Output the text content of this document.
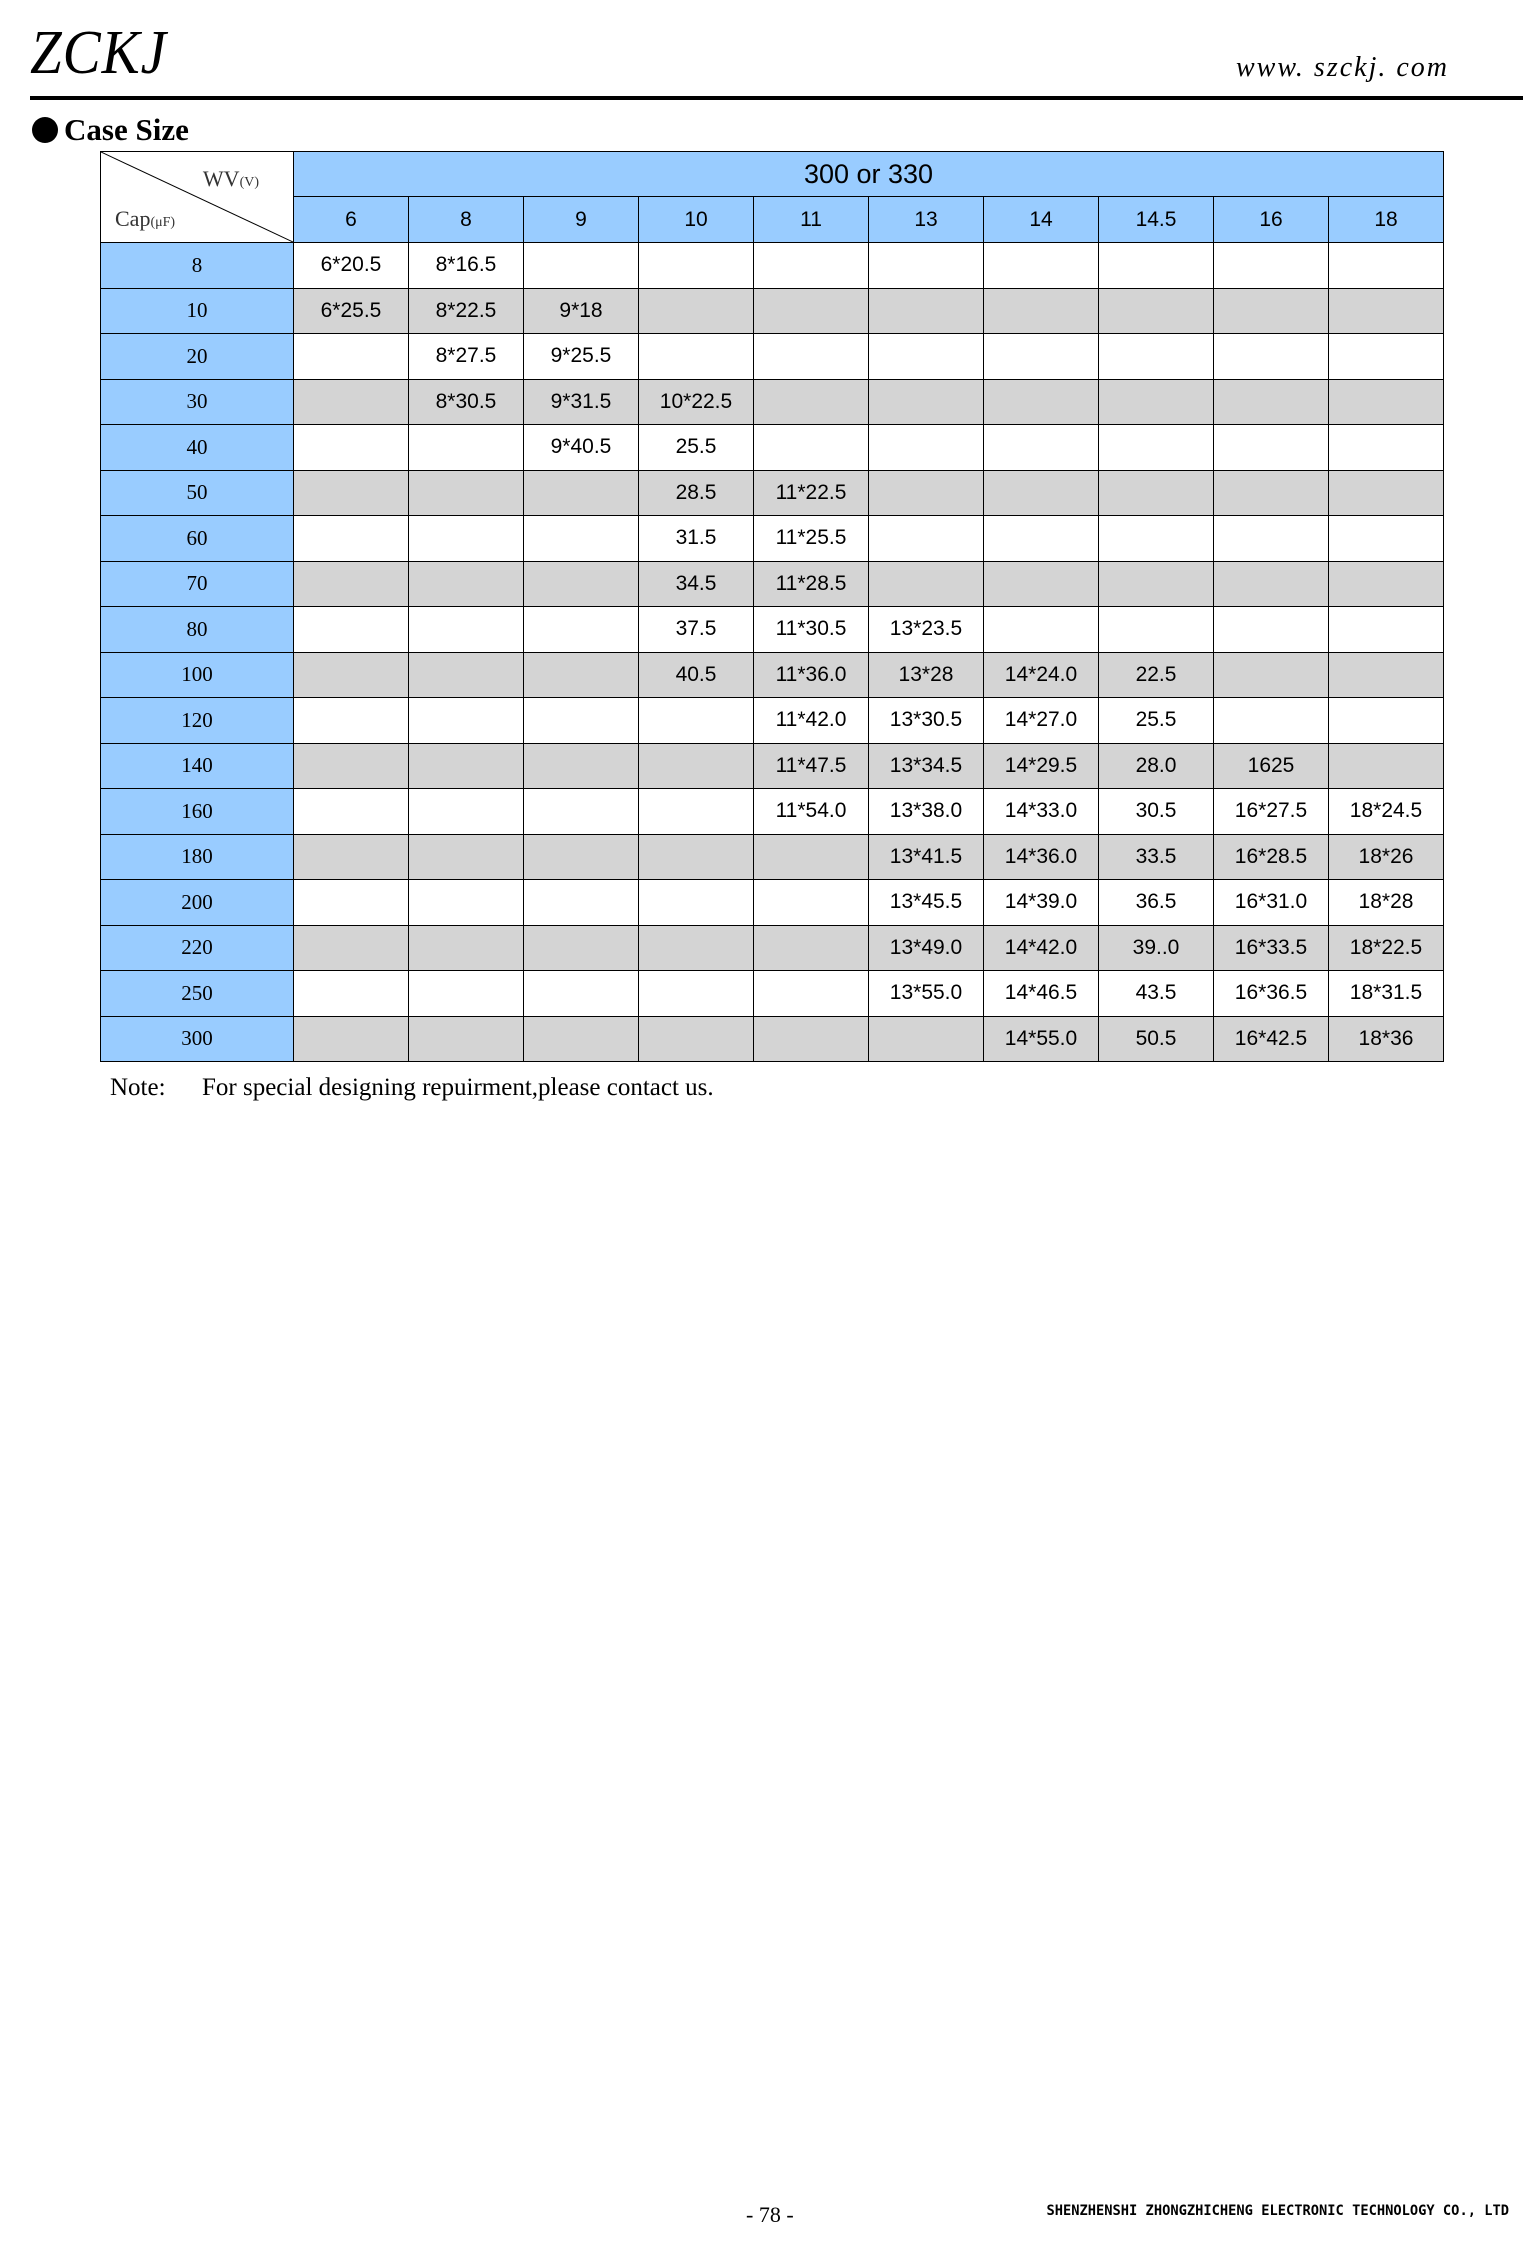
ZCKJ	www. szckj. com
Case Size
WV(V)
Cap(μF)	300 or 330									
	6	8	9	10	11	13	14	14.5	16	18
8	6*20.5	8*16.5								
10	6*25.5	8*22.5	9*18							
20		8*27.5	9*25.5							
30		8*30.5	9*31.5	10*22.5						
40			9*40.5	25.5						
50				28.5	11*22.5					
60				31.5	11*25.5					
70				34.5	11*28.5					
80				37.5	11*30.5	13*23.5				
100				40.5	11*36.0	13*28	14*24.0	22.5		
120					11*42.0	13*30.5	14*27.0	25.5		
140					11*47.5	13*34.5	14*29.5	28.0	1625	
160					11*54.0	13*38.0	14*33.0	30.5	16*27.5	18*24.5
180						13*41.5	14*36.0	33.5	16*28.5	18*26
200						13*45.5	14*39.0	36.5	16*31.0	18*28
220						13*49.0	14*42.0	39..0	16*33.5	18*22.5
250						13*55.0	14*46.5	43.5	16*36.5	18*31.5
300							14*55.0	50.5	16*42.5	18*36
Note: For special designing repuirment,please contact us.
- 78 -	SHENZHENSHI ZHONGZHICHENG ELECTRONIC TECHNOLOGY CO., LTD
